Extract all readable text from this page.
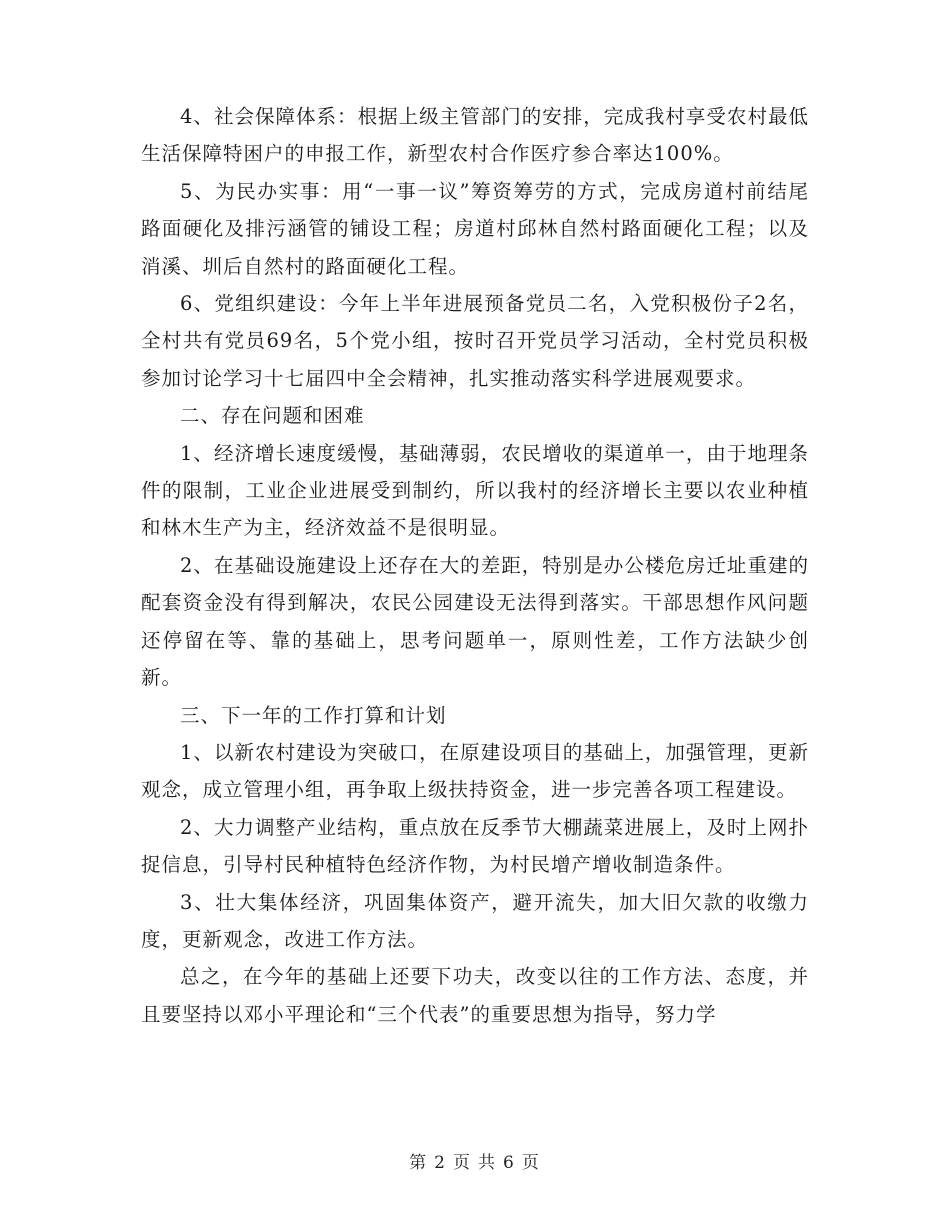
4、社会保障体系：根据上级主管部门的安排，完成我村享受农村最低生活保障特困户的申报工作，新型农村合作医疗参合率达100%。

5、为民办实事：用“一事一议”筹资筹劳的方式，完成房道村前结尾路面硬化及排污涵管的铺设工程；房道村邱林自然村路面硬化工程；以及消溪、圳后自然村的路面硬化工程。

6、党组织建设：今年上半年进展预备党员二名，入党积极份子2名，全村共有党员69名，5个党小组，按时召开党员学习活动，全村党员积极参加讨论学习十七届四中全会精神，扎实推动落实科学进展观要求。

二、存在问题和困难

1、经济增长速度缓慢，基础薄弱，农民增收的渠道单一，由于地理条件的限制，工业企业进展受到制约，所以我村的经济增长主要以农业种植和林木生产为主，经济效益不是很明显。

2、在基础设施建设上还存在大的差距，特别是办公楼危房迁址重建的配套资金没有得到解决，农民公园建设无法得到落实。干部思想作风问题还停留在等、靠的基础上，思考问题单一，原则性差，工作方法缺少创新。

三、下一年的工作打算和计划

1、以新农村建设为突破口，在原建设项目的基础上，加强管理，更新观念，成立管理小组，再争取上级扶持资金，进一步完善各项工程建设。

2、大力调整产业结构，重点放在反季节大棚蔬菜进展上，及时上网扑捉信息，引导村民种植特色经济作物，为村民增产增收制造条件。

3、壮大集体经济，巩固集体资产，避开流失，加大旧欠款的收缴力度，更新观念，改进工作方法。

总之，在今年的基础上还要下功夫，改变以往的工作方法、态度，并且要坚持以邓小平理论和“三个代表”的重要思想为指导，努力学

第 2 页 共 6 页
